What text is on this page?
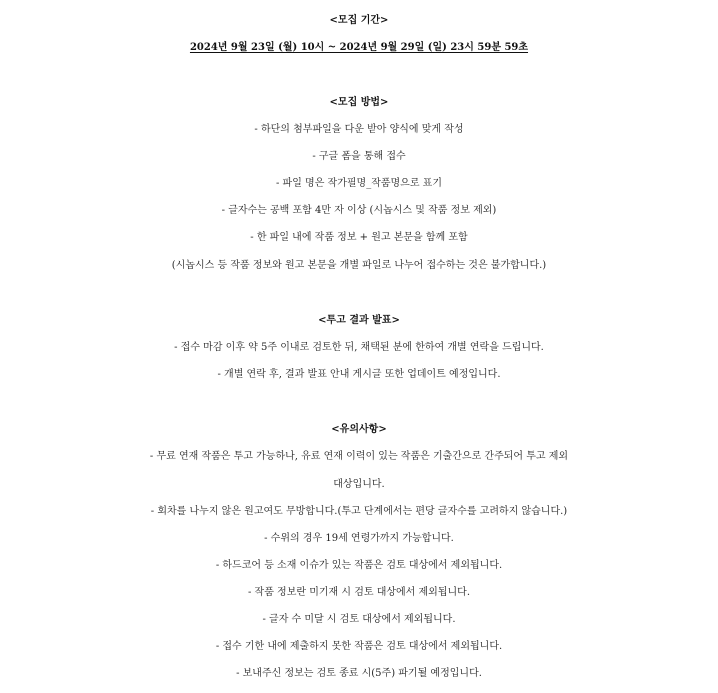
<모집 기간>
2024년 9월 23일 (월) 10시 ~ 2024년 9월 29일 (일) 23시 59분 59초
<모집 방법>
- 하단의 첨부파일을 다운 받아 양식에 맞게 작성
- 구글 폼을 통해 접수
- 파일 명은 작가필명_작품명으로 표기
- 글자수는 공백 포함 4만 자 이상 (시놉시스 및 작품 정보 제외)
- 한 파일 내에 작품 정보 + 원고 본문을 함께 포함
(시놉시스 등 작품 정보와 원고 본문을 개별 파일로 나누어 접수하는 것은 불가합니다.)
<투고 결과 발표>
- 접수 마감 이후 약 5주 이내로 검토한 뒤, 채택된 분에 한하여 개별 연락을 드립니다.
- 개별 연락 후, 결과 발표 안내 게시글 또한 업데이트 예정입니다.
<유의사항>
- 무료 연재 작품은 투고 가능하나, 유료 연재 이력이 있는 작품은 기출간으로 간주되어 투고 제외
대상입니다.
- 회차를 나누지 않은 원고여도 무방합니다.(투고 단계에서는 편당 글자수를 고려하지 않습니다.)
- 수위의 경우 19세 연령가까지 가능합니다.
- 하드코어 등 소재 이슈가 있는 작품은 검토 대상에서 제외됩니다.
- 작품 정보란 미기재 시 검토 대상에서 제외됩니다.
- 글자 수 미달 시 검토 대상에서 제외됩니다.
- 접수 기한 내에 제출하지 못한 작품은 검토 대상에서 제외됩니다.
- 보내주신 정보는 검토 종료 시(5주) 파기될 예정입니다.
